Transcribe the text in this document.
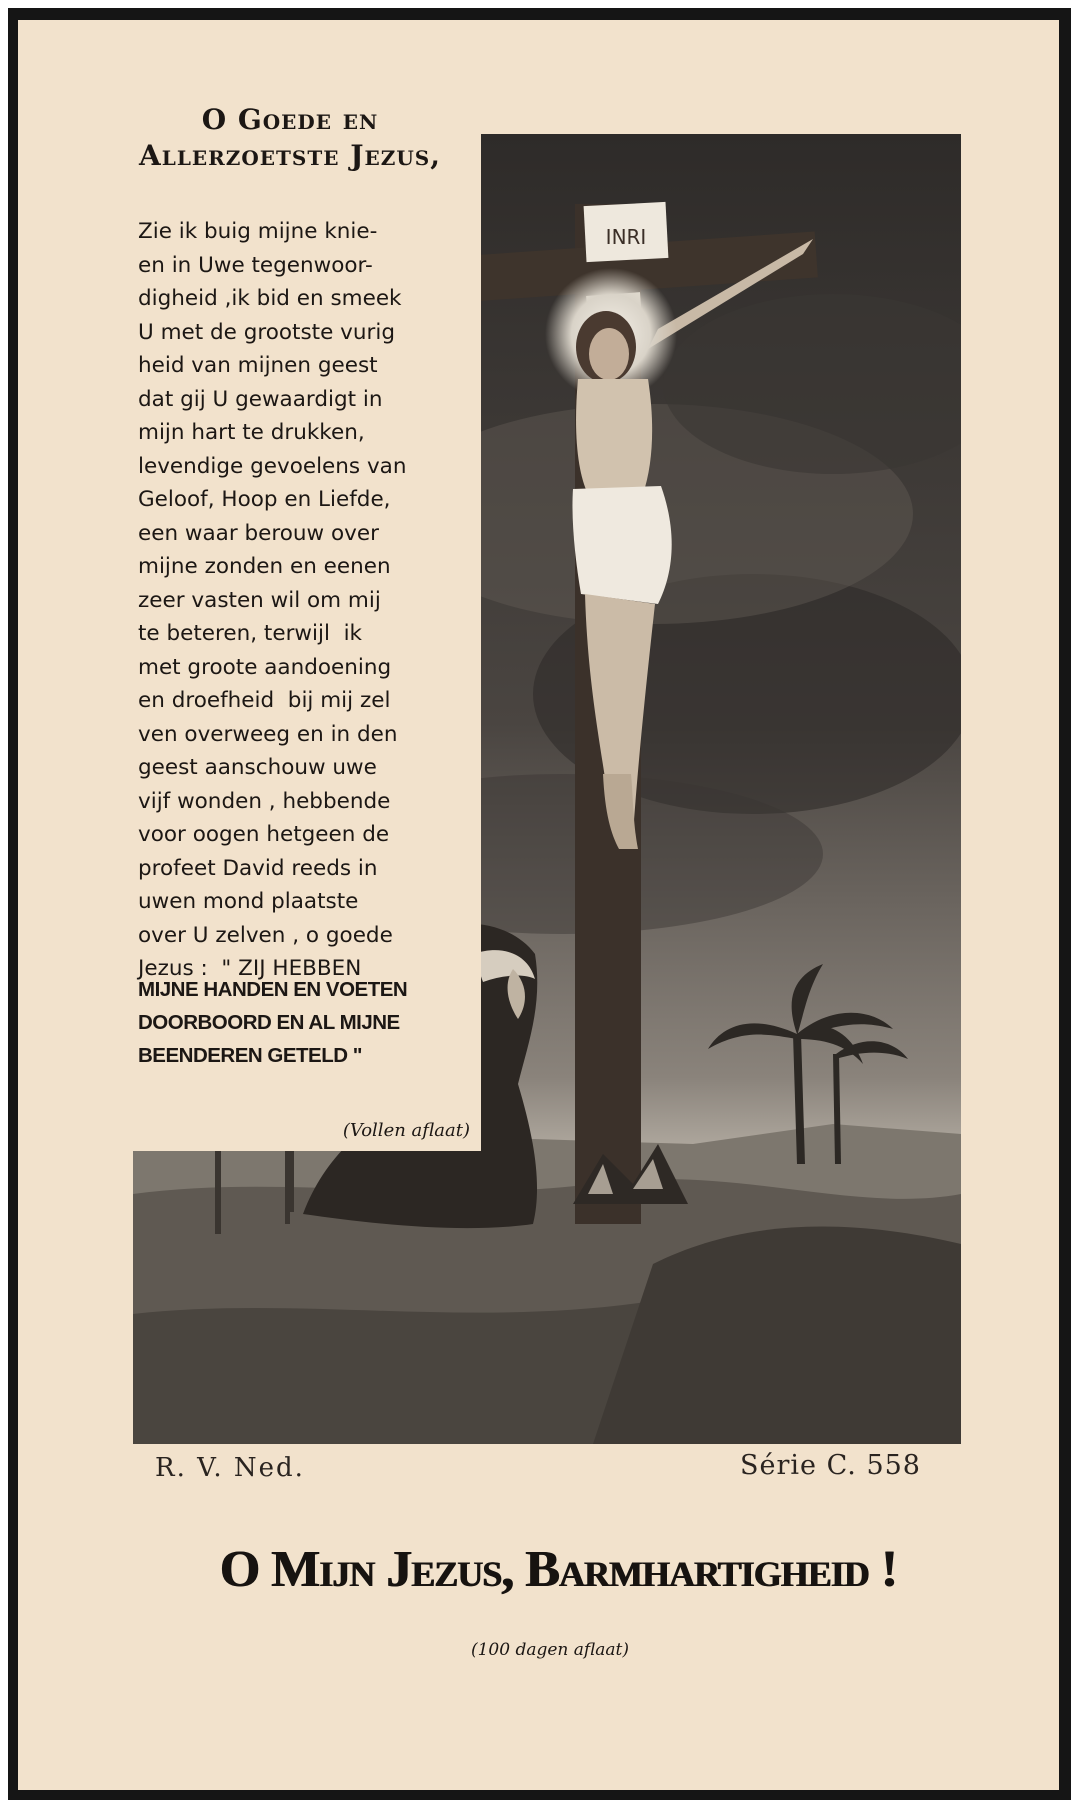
INRI
O Goede en Allerzoetste Jezus,
Zie ik buig mijne knie-
en in Uwe tegenwoor-
digheid ,ik bid en smeek
U met de grootste vurig
heid van mijnen geest
dat gij U gewaardigt in
mijn hart te drukken,
levendige gevoelens van
Geloof, Hoop en Liefde,
een waar berouw over
mijne zonden en eenen
zeer vasten wil om mij
te beteren, terwijl  ik
met groote aandoening
en droefheid  bij mij zel
ven overweeg en in den
geest aanschouw uwe
vijf wonden , hebbende
voor oogen hetgeen de
profeet David reeds in
uwen mond plaatste
over U zelven , o goede
Jezus :  " ZIJ HEBBEN
MIJNE HANDEN EN VOETEN
DOORBOORD EN AL MIJNE
BEENDEREN GETELD "
(Vollen aflaat)
R. V. Ned.	Série C. 558
O Mijn Jezus, Barmhartigheid !
(100 dagen aflaat)
